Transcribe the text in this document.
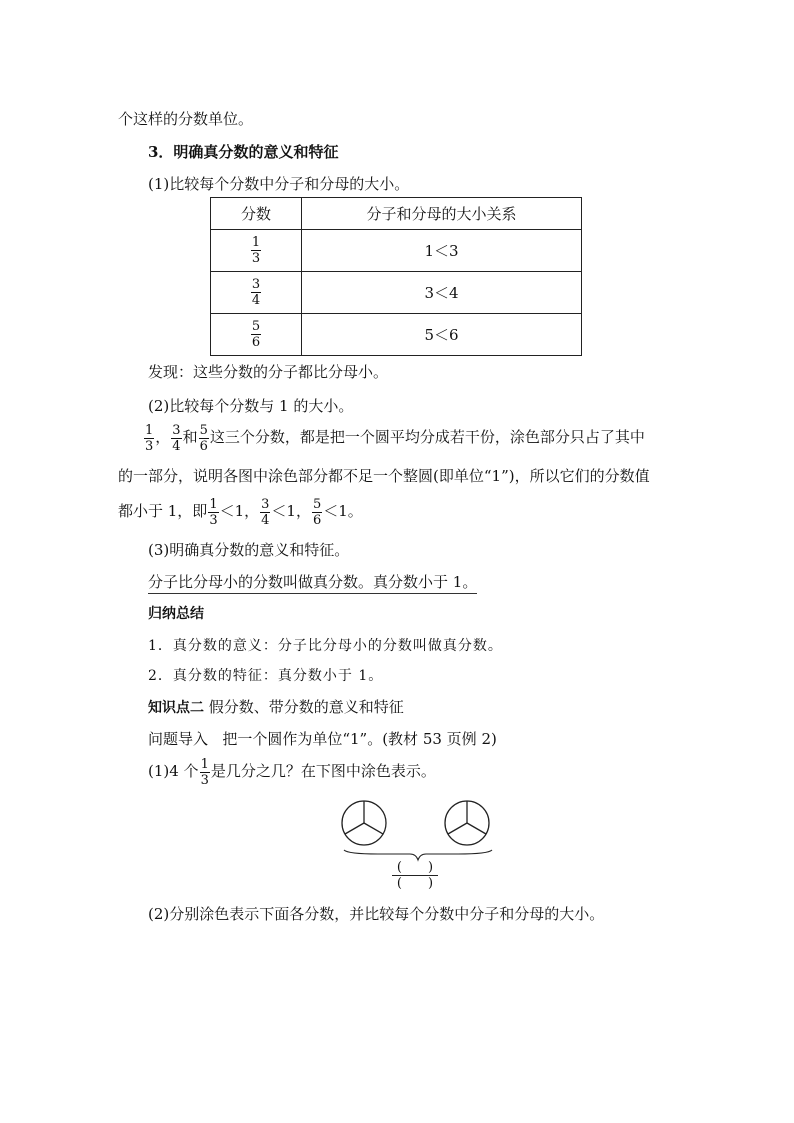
个这样的分数单位。
3．明确真分数的意义和特征
(1)比较每个分数中分子和分母的大小。
分数	分子和分母的大小关系

$\frac{1}{3}$	1＜3

$\frac{3}{4}$	3＜4

$\frac{5}{6}$	5＜6
发现：这些分数的分子都比分母小。
(2)比较每个分数与 1 的大小。
$\frac{1}{3}$ ， $\frac{3}{4}$ 和 $\frac{5}{6}$ 这三个分数，都是把一个圆平均分成若干份，涂色部分只占了其中
的一部分，说明各图中涂色部分都不足一个整圆(即单位“1”)，所以它们的分数值
都小于 1，即 $\frac{1}{3} <1$， $\frac{3}{4} <1$， $\frac{5}{6} <1$。
(3)明确真分数的意义和特征。
分子比分母小的分数叫做真分数。真分数小于 1。
归纳总结
1．真分数的意义：分子比分母小的分数叫做真分数。
2．真分数的特征：真分数小于 1。
知识点二 假分数、带分数的意义和特征
问题导入 把一个圆作为单位“1”。(教材 53 页例 2)
(1)4 个 $\frac{1}{3}$ 是几分之几？在下图中涂色表示。
(　　)
(　　)
(2)分别涂色表示下面各分数，并比较每个分数中分子和分母的大小。
